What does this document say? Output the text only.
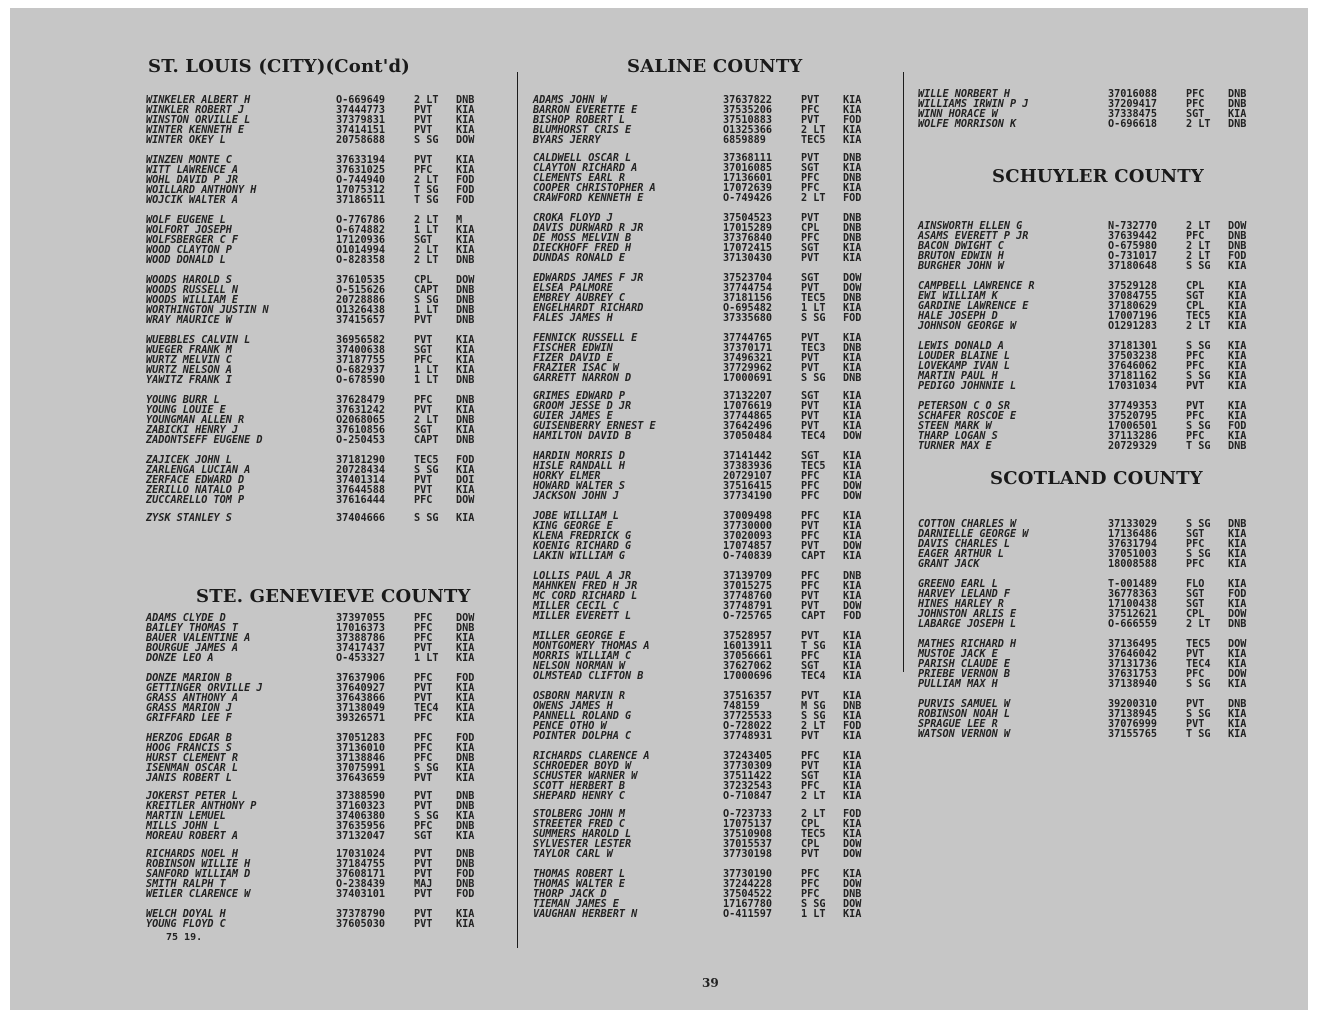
ST. LOUIS (CITY)(Cont'd)
WINKELER ALBERT H	O-669649	2 LT DNB
WINKLER ROBERT J	37444773	PVT KIA
WINSTON ORVILLE L	37379831	PVT KIA
WINTER KENNETH E	37414151	PVT KIA
WINTER OKEY L	20758688	S SG DOW
WINZEN MONTE C	37633194	PVT KIA
WITT LAWRENCE A	37631025	PFC KIA
WOHL DAVID P JR	O-744940	2 LT FOD
WOILLARD ANTHONY H	17075312	T SG FOD
WOJCIK WALTER A	37186511	T SG FOD
WOLF EUGENE L	O-776786	2 LT M
WOLFORT JOSEPH	O-674882	1 LT KIA
WOLFSBERGER C F	17120936	SGT KIA
WOOD CLAYTON P	O1014994	2 LT KIA
WOOD DONALD L	O-828358	2 LT DNB
WOODS HAROLD S	37610535	CPL DOW
WOODS RUSSELL N	O-515626	CAPT DNB
WOODS WILLIAM E	20728886	S SG DNB
WORTHINGTON JUSTIN N	O1326438	1 LT DNB
WRAY MAURICE W	37415657	PVT DNB
WUEBBLES CALVIN L	36956582	PVT KIA
WUEGER FRANK M	37400638	SGT KIA
WURTZ MELVIN C	37187755	PFC KIA
WURTZ NELSON A	O-682937	1 LT KIA
YAWITZ FRANK I	O-678590	1 LT DNB
YOUNG BURR L	37628479	PFC DNB
YOUNG LOUIE E	37631242	PVT KIA
YOUNGMAN ALLEN R	O2068065	2 LT DNB
ZABICKI HENRY J	37610856	SGT KIA
ZADONTSEFF EUGENE D	O-250453	CAPT DNB
ZAJICEK JOHN L	37181290	TEC5 FOD
ZARLENGA LUCIAN A	20728434	S SG KIA
ZERFACE EDWARD D	37401314	PVT DOI
ZERILLO NATALO P	37644588	PVT KIA
ZUCCARELLO TOM P	37616444	PFC DOW
ZYSK STANLEY S	37404666	S SG KIA
STE. GENEVIEVE COUNTY
ADAMS CLYDE D	37397055	PFC DOW
BAILEY THOMAS T	17016373	PFC DNB
BAUER VALENTINE A	37388786	PFC KIA
BOURGUE JAMES A	37417437	PVT KIA
DONZE LEO A	O-453327	1 LT KIA
DONZE MARION B	37637906	PFC FOD
GETTINGER ORVILLE J	37640927	PVT KIA
GRASS ANTHONY A	37643866	PVT KIA
GRASS MARION J	37138049	TEC4 KIA
GRIFFARD LEE F	39326571	PFC KIA
HERZOG EDGAR B	37051283	PFC FOD
HOOG FRANCIS S	37136010	PFC KIA
HURST CLEMENT R	37138846	PFC DNB
ISENMAN OSCAR L	37075991	S SG KIA
JANIS ROBERT L	37643659	PVT KIA
JOKERST PETER L	37388590	PVT DNB
KREITLER ANTHONY P	37160323	PVT DNB
MARTIN LEMUEL	37406380	S SG KIA
MILLS JOHN L	37635956	PFC DNB
MOREAU ROBERT A	37132047	SGT KIA
RICHARDS NOEL H	17031024	PVT DNB
ROBINSON WILLIE H	37184755	PVT DNB
SANFORD WILLIAM D	37608171	PVT FOD
SMITH RALPH T	O-238439	MAJ DNB
WEILER CLARENCE W	37403101	PVT FOD
WELCH DOYAL H	37378790	PVT KIA
YOUNG FLOYD C	37605030	PVT KIA
75 19.
SALINE COUNTY
ADAMS JOHN W	37637822	PVT KIA
BARRON EVERETTE E	37535206	PFC KIA
BISHOP ROBERT L	37510883	PVT FOD
BLUMHORST CRIS E	O1325366	2 LT KIA
BYARS JERRY	6859889	TEC5 KIA
CALDWELL OSCAR L	37368111	PVT DNB
CLAYTON RICHARD A	37016085	SGT KIA
CLEMENTS EARL R	17136601	PFC DNB
COOPER CHRISTOPHER A	17072639	PFC KIA
CRAWFORD KENNETH E	O-749426	2 LT FOD
CROKA FLOYD J	37504523	PVT DNB
DAVIS DURWARD R JR	17015289	CPL DNB
DE MOSS MELVIN B	37376840	PFC DNB
DIECKHOFF FRED H	17072415	SGT KIA
DUNDAS RONALD E	37130430	PVT KIA
EDWARDS JAMES F JR	37523704	SGT DOW
ELSEA PALMORE	37744754	PVT DOW
EMBREY AUBREY C	37181156	TEC5 DNB
ENGELHARDT RICHARD	O-695482	1 LT KIA
FALES JAMES H	37335680	S SG FOD
FENNICK RUSSELL E	37744765	PVT KIA
FISCHER EDWIN	37370171	TEC3 DNB
FIZER DAVID E	37496321	PVT KIA
FRAZIER ISAC W	37729962	PVT KIA
GARRETT NARRON D	17000691	S SG DNB
GRIMES EDWARD P	37132207	SGT KIA
GROOM JESSE D JR	17076619	PVT KIA
GUIER JAMES E	37744865	PVT KIA
GUISENBERRY ERNEST E	37642496	PVT KIA
HAMILTON DAVID B	37050484	TEC4 DOW
HARDIN MORRIS D	37141442	SGT KIA
HISLE RANDALL H	37383936	TEC5 KIA
HORKY ELMER	20729107	PFC KIA
HOWARD WALTER S	37516415	PFC DOW
JACKSON JOHN J	37734190	PFC DOW
JOBE WILLIAM L	37009498	PFC KIA
KING GEORGE E	37730000	PVT KIA
KLENA FREDRICK G	37020093	PFC KIA
KOENIG RICHARD G	17074857	PVT DOW
LAKIN WILLIAM G	O-740839	CAPT KIA
LOLLIS PAUL A JR	37139709	PFC DNB
MAHNKEN FRED H JR	37015275	PFC KIA
MC CORD RICHARD L	37748760	PVT KIA
MILLER CECIL C	37748791	PVT DOW
MILLER EVERETT L	O-725765	CAPT FOD
MILLER GEORGE E	37528957	PVT KIA
MONTGOMERY THOMAS A	16013911	T SG KIA
MORRIS WILLIAM C	37056661	PFC KIA
NELSON NORMAN W	37627062	SGT KIA
OLMSTEAD CLIFTON B	17000696	TEC4 KIA
OSBORN MARVIN R	37516357	PVT KIA
OWENS JAMES H	748159	M SG DNB
PANNELL ROLAND G	37725533	S SG KIA
PENCE OTHO W	O-728022	2 LT FOD
POINTER DOLPHA C	37748931	PVT KIA
RICHARDS CLARENCE A	37243405	PFC KIA
SCHROEDER BOYD W	37730309	PVT KIA
SCHUSTER WARNER W	37511422	SGT KIA
SCOTT HERBERT B	37232543	PFC KIA
SHEPARD HENRY C	O-710847	2 LT KIA
STOLBERG JOHN M	O-723733	2 LT FOD
STREETER FRED C	17075137	CPL KIA
SUMMERS HAROLD L	37510908	TEC5 KIA
SYLVESTER LESTER	37015537	CPL DOW
TAYLOR CARL W	37730198	PVT DOW
THOMAS ROBERT L	37730190	PFC KIA
THOMAS WALTER E	37244228	PFC DOW
THORP JACK D	37504522	PFC DNB
TIEMAN JAMES E	17167780	S SG DOW
VAUGHAN HERBERT N	O-411597	1 LT KIA
WILLE NORBERT H	37016088	PFC DNB
WILLIAMS IRWIN P J	37209417	PFC DNB
WINN HORACE W	37338475	SGT KIA
WOLFE MORRISON K	O-696618	2 LT DNB
SCHUYLER COUNTY
AINSWORTH ELLEN G	N-732770	2 LT DOW
ASAMS EVERETT P JR	37639442	PFC DNB
BACON DWIGHT C	O-675980	2 LT DNB
BRUTON EDWIN H	O-731017	2 LT FOD
BURGHER JOHN W	37180648	S SG KIA
CAMPBELL LAWRENCE R	37529128	CPL KIA
EWI WILLIAM K	37084755	SGT KIA
GARDINE LAWRENCE E	37180629	CPL KIA
HALE JOSEPH D	17007196	TEC5 KIA
JOHNSON GEORGE W	O1291283	2 LT KIA
LEWIS DONALD A	37181301	S SG KIA
LOUDER BLAINE L	37503238	PFC KIA
LOVEKAMP IVAN L	37646062	PFC KIA
MARTIN PAUL H	37181162	S SG KIA
PEDIGO JOHNNIE L	17031034	PVT KIA
PETERSON C O SR	37749353	PVT KIA
SCHAFER ROSCOE E	37520795	PFC KIA
STEEN MARK W	17006501	S SG FOD
THARP LOGAN S	37113286	PFC KIA
TURNER MAX E	20729329	T SG DNB
SCOTLAND COUNTY
COTTON CHARLES W	37133029	S SG DNB
DARNIELLE GEORGE W	17136486	SGT KIA
DAVIS CHARLES L	37631794	PFC KIA
EAGER ARTHUR L	37051003	S SG KIA
GRANT JACK	18008588	PFC KIA
GREENO EARL L	T-001489	FLO KIA
HARVEY LELAND F	36778363	SGT FOD
HINES HARLEY R	17100438	SGT KIA
JOHNSTON ARLIS E	37512621	CPL DOW
LABARGE JOSEPH L	O-666559	2 LT DNB
MATHES RICHARD H	37136495	TEC5 DOW
MUSTOE JACK E	37646042	PVT KIA
PARISH CLAUDE E	37131736	TEC4 KIA
PRIEBE VERNON B	37631753	PFC DOW
PULLIAM MAX H	37138940	S SG KIA
PURVIS SAMUEL W	39200310	PVT DNB
ROBINSON NOAH L	37138945	S SG KIA
SPRAGUE LEE R	37076999	PVT KIA
WATSON VERNON W	37155765	T SG KIA
39
